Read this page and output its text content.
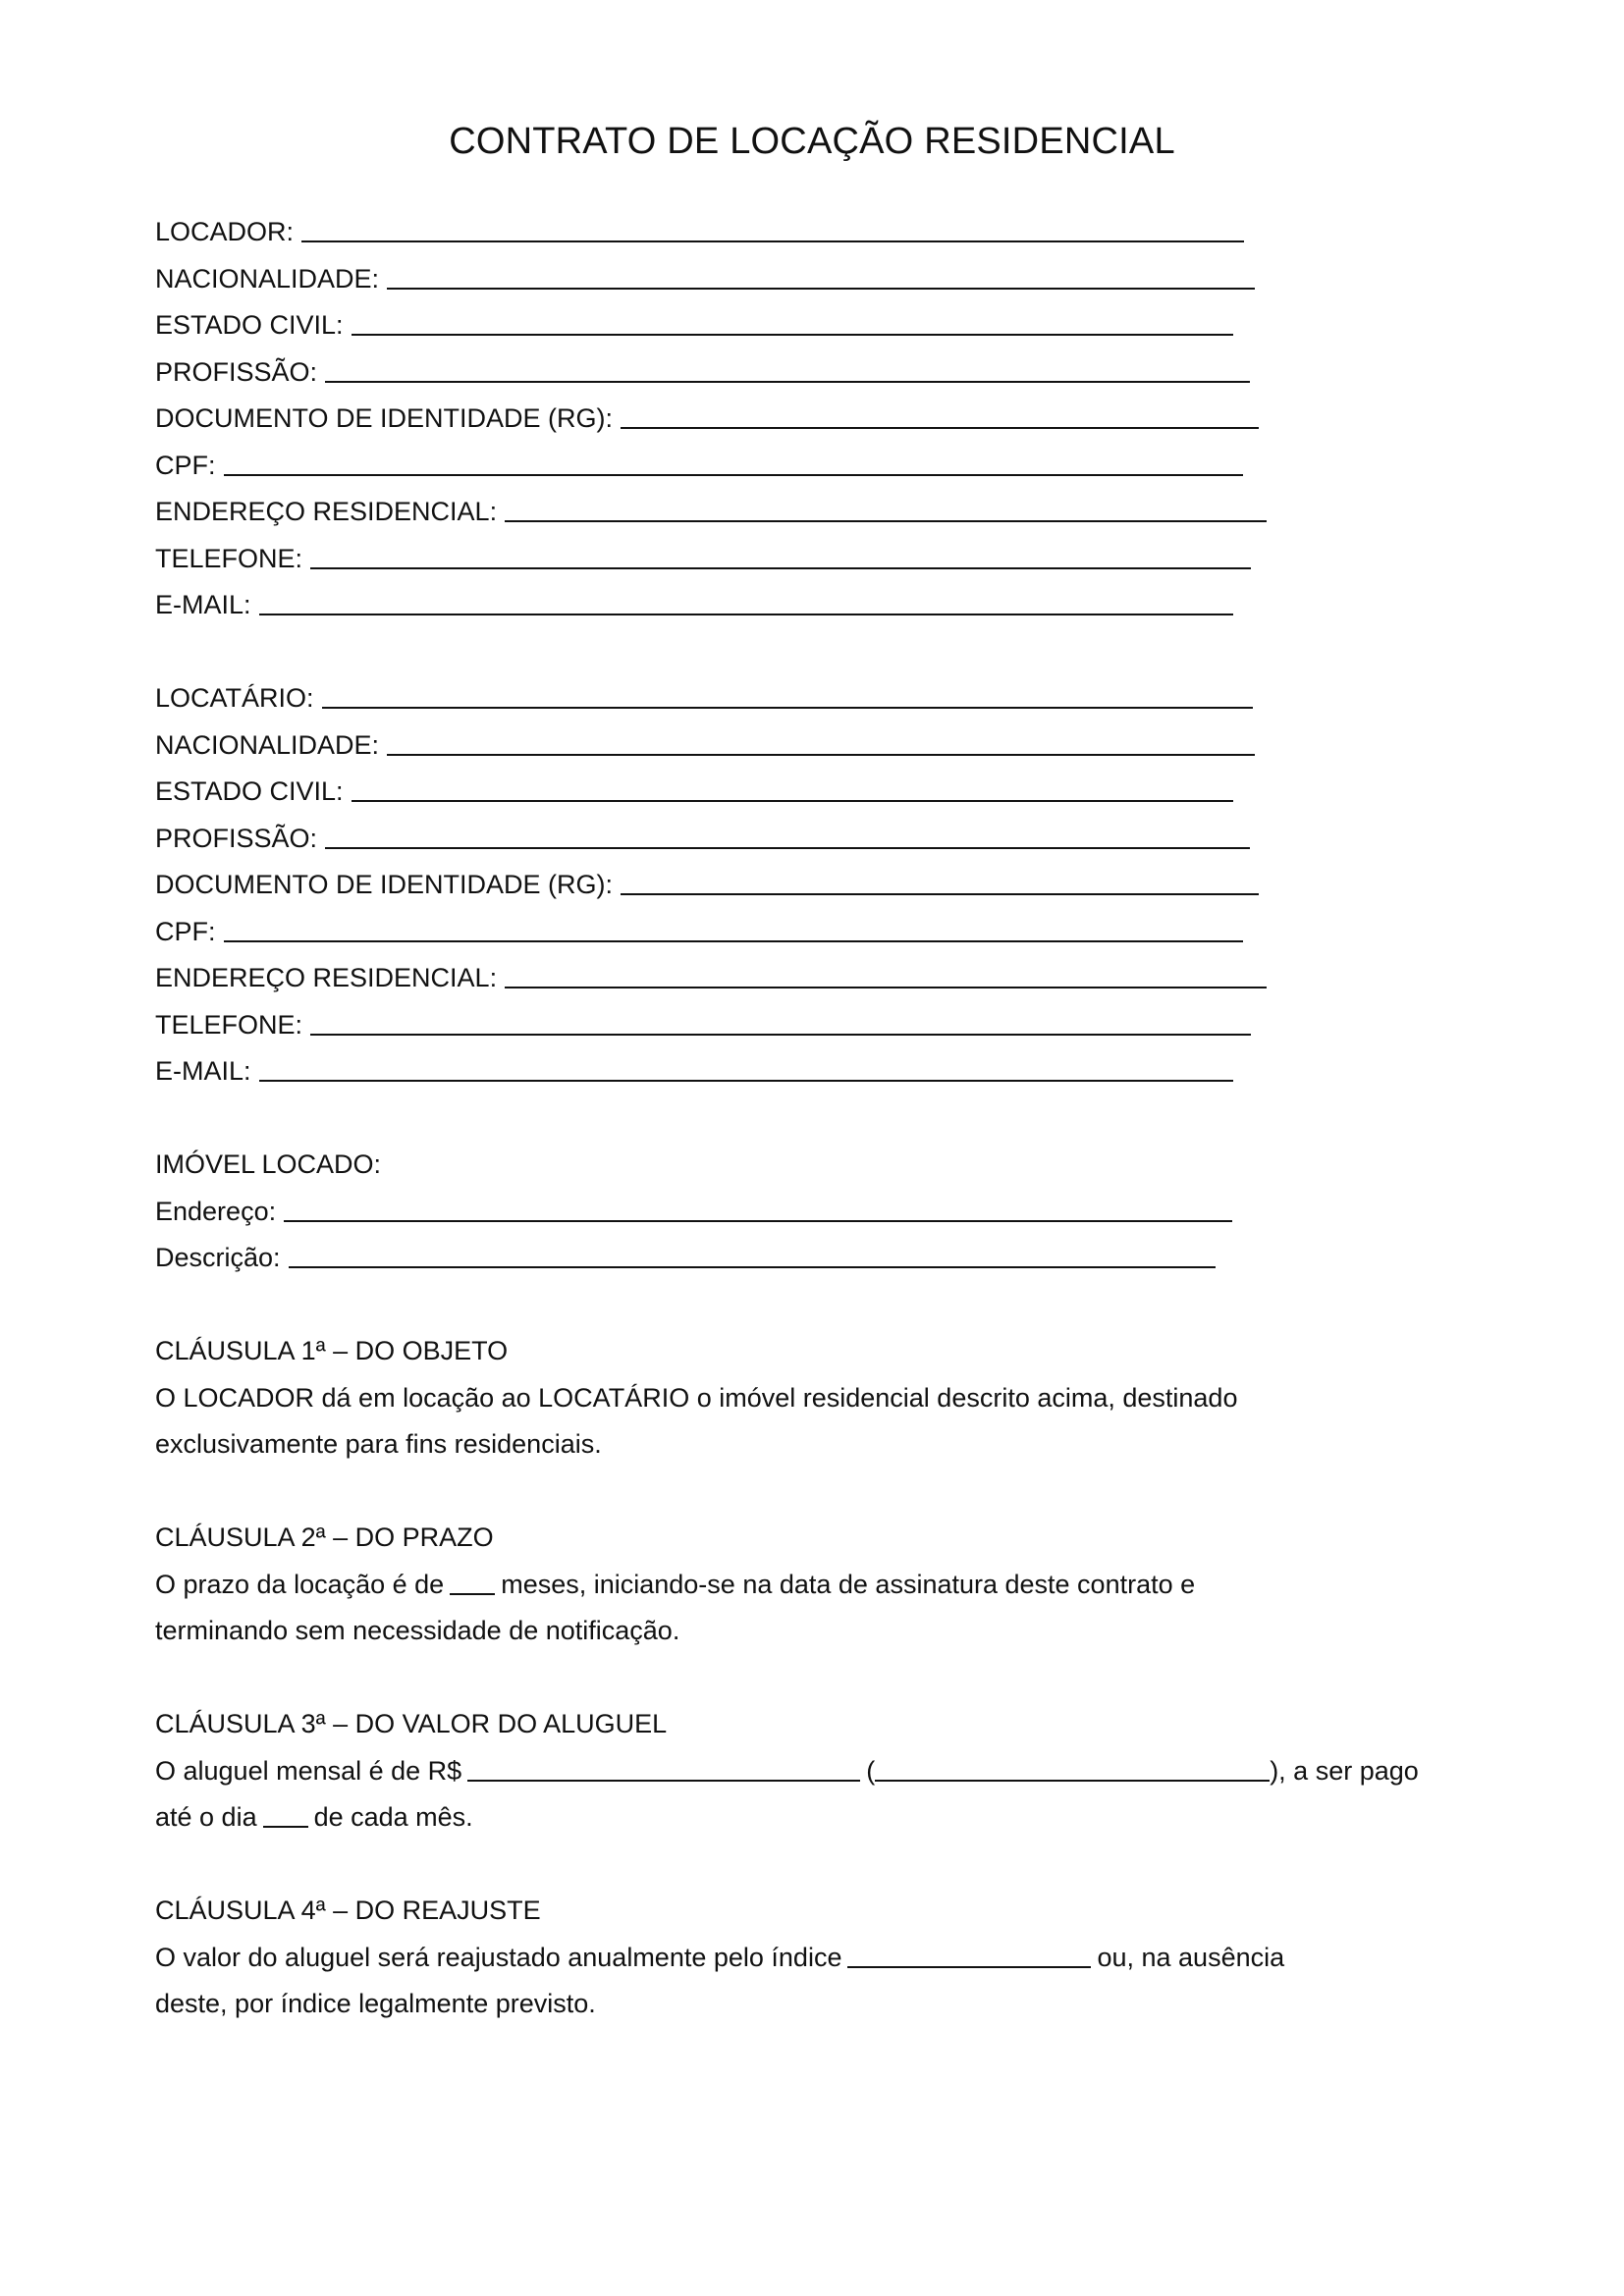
CONTRATO DE LOCAÇÃO RESIDENCIAL
LOCADOR:
NACIONALIDADE:
ESTADO CIVIL:
PROFISSÃO:
DOCUMENTO DE IDENTIDADE (RG):
CPF:
ENDEREÇO RESIDENCIAL:
TELEFONE:
E-MAIL:
LOCATÁRIO:
NACIONALIDADE:
ESTADO CIVIL:
PROFISSÃO:
DOCUMENTO DE IDENTIDADE (RG):
CPF:
ENDEREÇO RESIDENCIAL:
TELEFONE:
E-MAIL:
IMÓVEL LOCADO:
Endereço:
Descrição:
CLÁUSULA 1ª – DO OBJETO
O LOCADOR dá em locação ao LOCATÁRIO o imóvel residencial descrito acima, destinado
exclusivamente para fins residenciais.
CLÁUSULA 2ª – DO PRAZO
O prazo da locação é de meses, iniciando-se na data de assinatura deste contrato e
terminando sem necessidade de notificação.
CLÁUSULA 3ª – DO VALOR DO ALUGUEL
O aluguel mensal é de R$	(	), a ser pago
até o dia de cada mês.
CLÁUSULA 4ª – DO REAJUSTE
O valor do aluguel será reajustado anualmente pelo índice	ou, na ausência
deste, por índice legalmente previsto.
